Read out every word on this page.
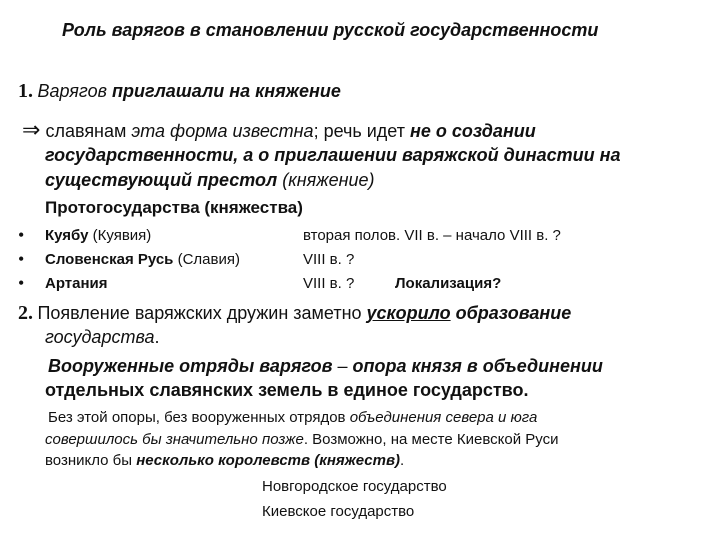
Роль варягов в становлении русской государственности
1. Варягов приглашали на княжение
⇒ славянам эта форма известна; речь идет не о создании
государственности, а о приглашении варяжской династии на
существующий престол (княжение)
Протогосударства (княжества)
• Куябу (Куявия)	вторая полов. VII в. – начало VIII в. ?
• Словенская Русь (Славия)	VIII в. ?
• Артания	VIII в. ?	Локализация?
2. Появление варяжских дружин заметно ускорило образование
государства.
Вооруженные отряды варягов – опора князя в объединении
отдельных славянских земель в единое государство.
Без этой опоры, без вооруженных отрядов объединения севера и юга
совершилось бы значительно позже. Возможно, на месте Киевской Руси
возникло бы несколько королевств (княжеств).
Новгородское государство
Киевское государство
